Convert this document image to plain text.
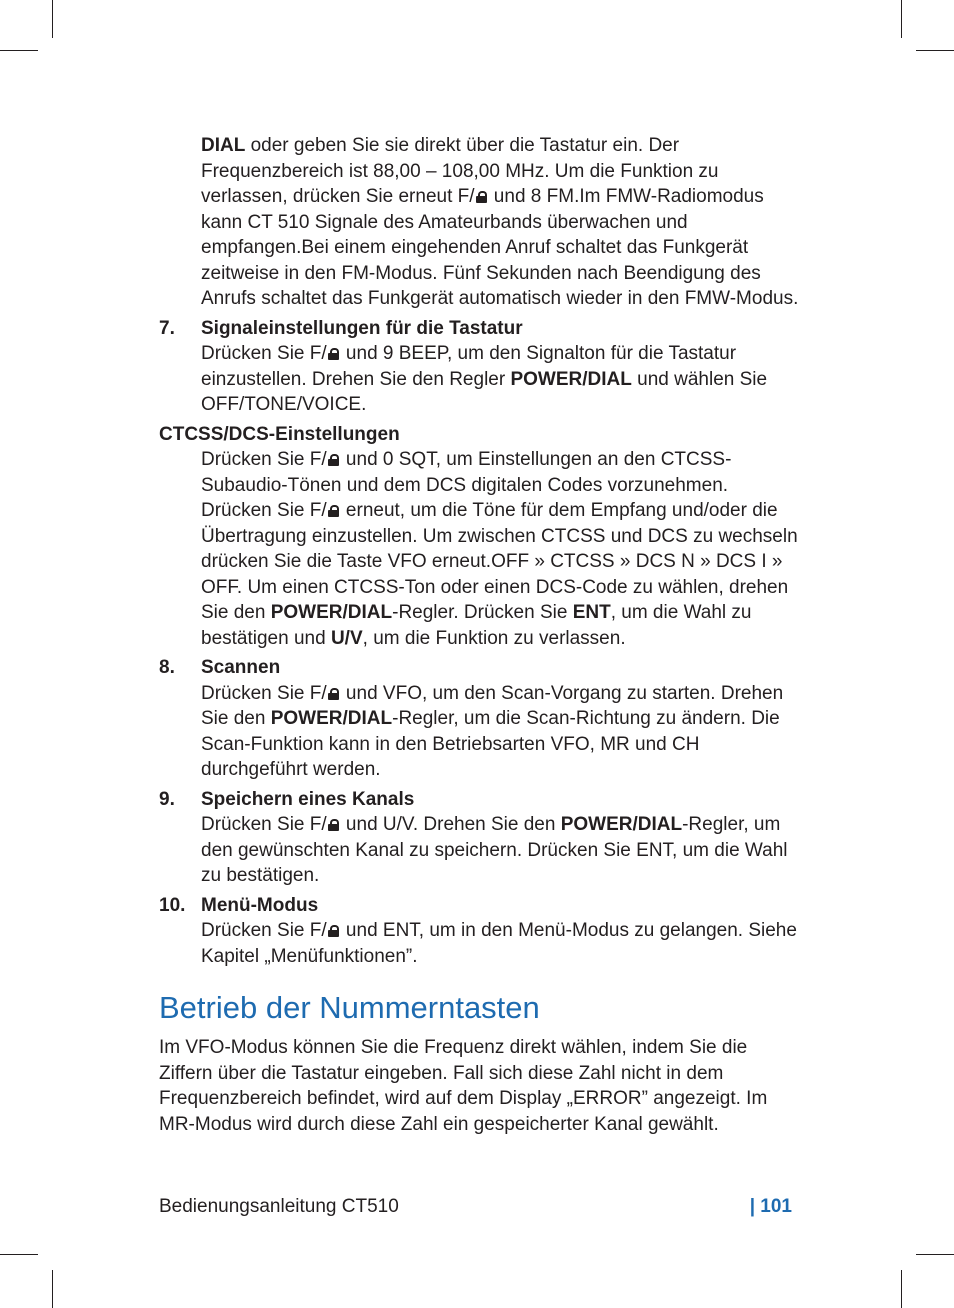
DIAL oder geben Sie sie direkt über die Tastatur ein. Der Frequenzbereich ist 88,00 – 108,00 MHz. Um die Funktion zu verlassen, drücken Sie erneut F/ und 8 FM.Im FMW-Radiomodus kann CT 510 Signale des Amateurbands überwachen und empfangen.Bei einem eingehenden Anruf schaltet das Funkgerät zeitweise in den FM-Modus. Fünf Sekunden nach Beendigung des Anrufs schaltet das Funkgerät automatisch wieder in den FMW-Modus.

7. Signaleinstellungen für die Tastatur

Drücken Sie F/ und 9 BEEP, um den Signalton für die Tastatur einzustellen. Drehen Sie den Regler POWER/DIAL und wählen Sie OFF/TONE/VOICE.

CTCSS/DCS-Einstellungen

Drücken Sie F/ und 0 SQT, um Einstellungen an den CTCSS-Subaudio-Tönen und dem DCS digitalen Codes vorzunehmen. Drücken Sie F/ erneut, um die Töne für dem Empfang und/oder die Übertragung einzustellen. Um zwischen CTCSS und DCS zu wechseln drücken Sie die Taste VFO erneut.OFF » CTCSS » DCS N » DCS I » OFF. Um einen CTCSS-Ton oder einen DCS-Code zu wählen, drehen Sie den POWER/DIAL-Regler. Drücken Sie ENT, um die Wahl zu bestätigen und U/V, um die Funktion zu verlassen.

8. Scannen

Drücken Sie F/ und VFO, um den Scan-Vorgang zu starten. Drehen Sie den POWER/DIAL-Regler, um die Scan-Richtung zu ändern. Die Scan-Funktion kann in den Betriebsarten VFO, MR und CH durchgeführt werden.

9. Speichern eines Kanals

Drücken Sie F/ und U/V. Drehen Sie den POWER/DIAL-Regler, um den gewünschten Kanal zu speichern. Drücken Sie ENT, um die Wahl zu bestätigen.

10. Menü-Modus

Drücken Sie F/ und ENT, um in den Menü-Modus zu gelangen. Siehe Kapitel „Menüfunktionen”.

Betrieb der Nummerntasten

Im VFO-Modus können Sie die Frequenz direkt wählen, indem Sie die Ziffern über die Tastatur eingeben. Fall sich diese Zahl nicht in dem Frequenzbereich befindet, wird auf dem Display „ERROR” angezeigt. Im MR-Modus wird durch diese Zahl ein gespeicherter Kanal gewählt.

Bedienungsanleitung CT510	| 101
